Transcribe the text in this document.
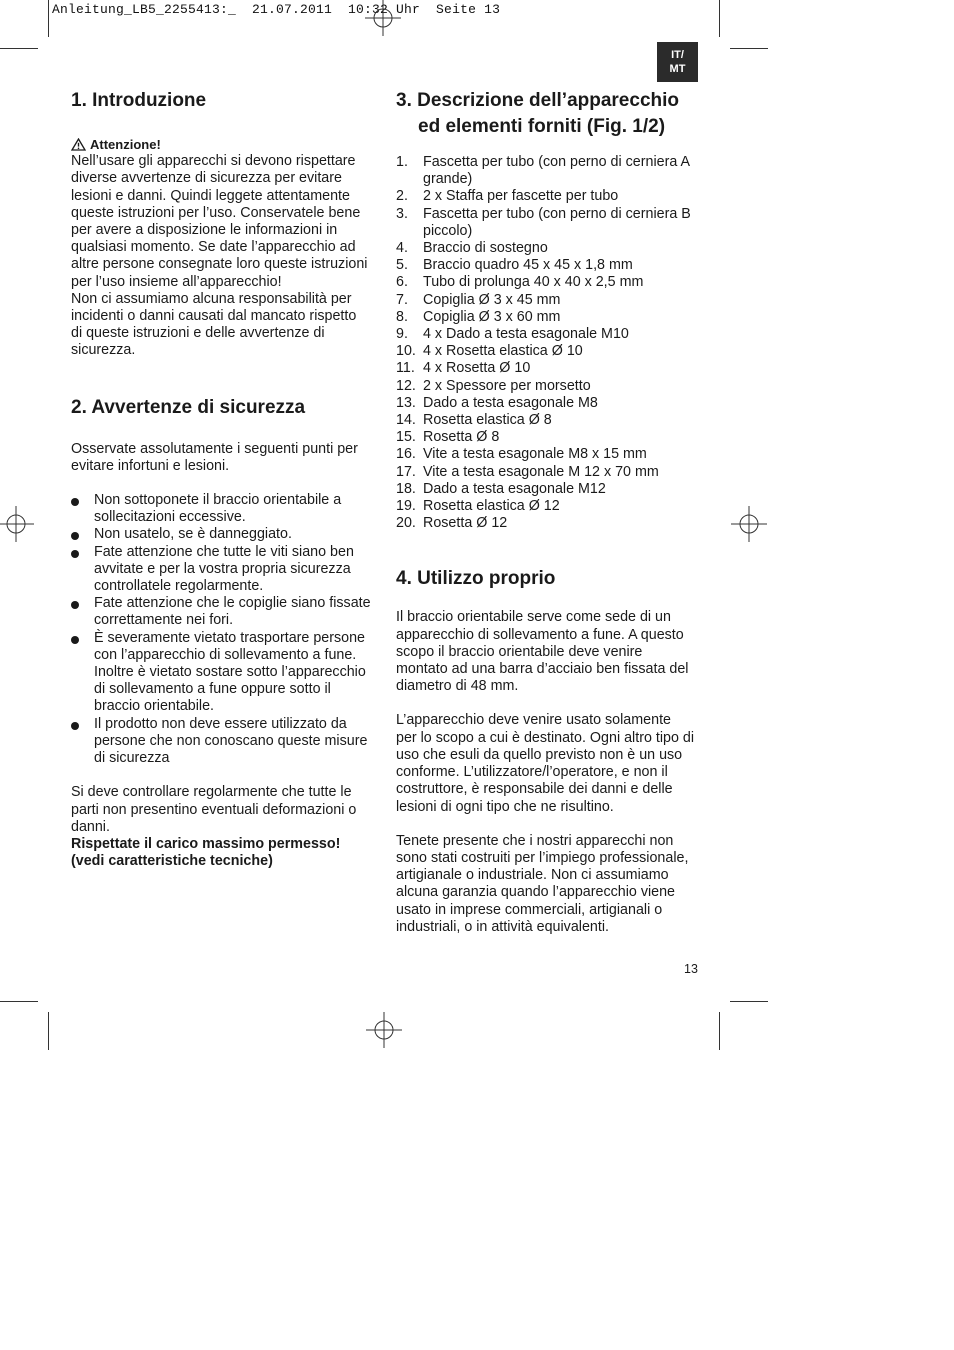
Anleitung_LB5_2255413:_  21.07.2011  10:32 Uhr  Seite 13
IT/
MT
1. Introduzione
Attenzione!

Nell’usare gli apparecchi si devono rispettare
diverse avvertenze di sicurezza per evitare
lesioni e danni. Quindi leggete attentamente
queste istruzioni per l’uso. Conservatele bene
per avere a disposizione le informazioni in
qualsiasi momento. Se date l’apparecchio ad
altre persone consegnate loro queste istruzioni
per l’uso insieme all’apparecchio!
Non ci assumiamo alcuna responsabilità per
incidenti o danni causati dal mancato rispetto
di queste istruzioni e delle avvertenze di
sicurezza.

2. Avvertenze di sicurezza

Osservate assolutamente i seguenti punti per
evitare infortuni e lesioni.

Non sottoponete il braccio orientabile a
sollecitazioni eccessive.
Non usatelo, se è danneggiato.
Fate attenzione che tutte le viti siano ben
avvitate e per la vostra propria sicurezza
controllatele regolarmente.
Fate attenzione che le copiglie siano fissate
correttamente nei fori.
È severamente vietato trasportare persone
con l’apparecchio di sollevamento a fune.
Inoltre è vietato sostare sotto l’apparecchio
di sollevamento a fune oppure sotto il
braccio orientabile.
Il prodotto non deve essere utilizzato da
persone che non conoscano queste misure
di sicurezza

Si deve controllare regolarmente che tutte le
parti non presentino eventuali deformazioni o
danni.

Rispettate il carico massimo permesso!
(vedi caratteristiche tecniche)

3. Descrizione dell’apparecchio
ed elementi forniti (Fig. 1/2)
1.	Fascetta per tubo (con perno di cerniera A
grande)
2.	2 x Staffa per fascette per tubo
3.	Fascetta per tubo (con perno di cerniera B
piccolo)
4.	Braccio di sostegno
5.	Braccio quadro 45 x 45 x 1,8 mm
6.	Tubo di prolunga 40 x 40 x 2,5 mm
7.	Copiglia Ø 3 x 45 mm
8.	Copiglia Ø 3 x 60 mm
9.	4 x Dado a testa esagonale M10
10. 4 x Rosetta elastica Ø 10
11. 4 x Rosetta Ø 10
12. 2 x Spessore per morsetto
13. Dado a testa esagonale M8
14. Rosetta elastica Ø 8
15. Rosetta Ø 8
16. Vite a testa esagonale M8 x 15 mm
17. Vite a testa esagonale M 12 x 70 mm
18. Dado a testa esagonale M12
19. Rosetta elastica Ø 12
20. Rosetta Ø 12
4. Utilizzo proprio

Il braccio orientabile serve come sede di un
apparecchio di sollevamento a fune. A questo
scopo il braccio orientabile deve venire
montato ad una barra d’acciaio ben fissata del
diametro di 48 mm.

L’apparecchio deve venire usato solamente
per lo scopo a cui è destinato. Ogni altro tipo di
uso che esuli da quello previsto non è un uso
conforme. L’utilizzatore/l’operatore, e non il
costruttore, è responsabile dei danni e delle
lesioni di ogni tipo che ne risultino.

Tenete presente che i nostri apparecchi non
sono stati costruiti per l’impiego professionale,
artigianale o industriale. Non ci assumiamo
alcuna garanzia quando l’apparecchio viene
usato in imprese commerciali, artigianali o
industriali, o in attività equivalenti.

13
